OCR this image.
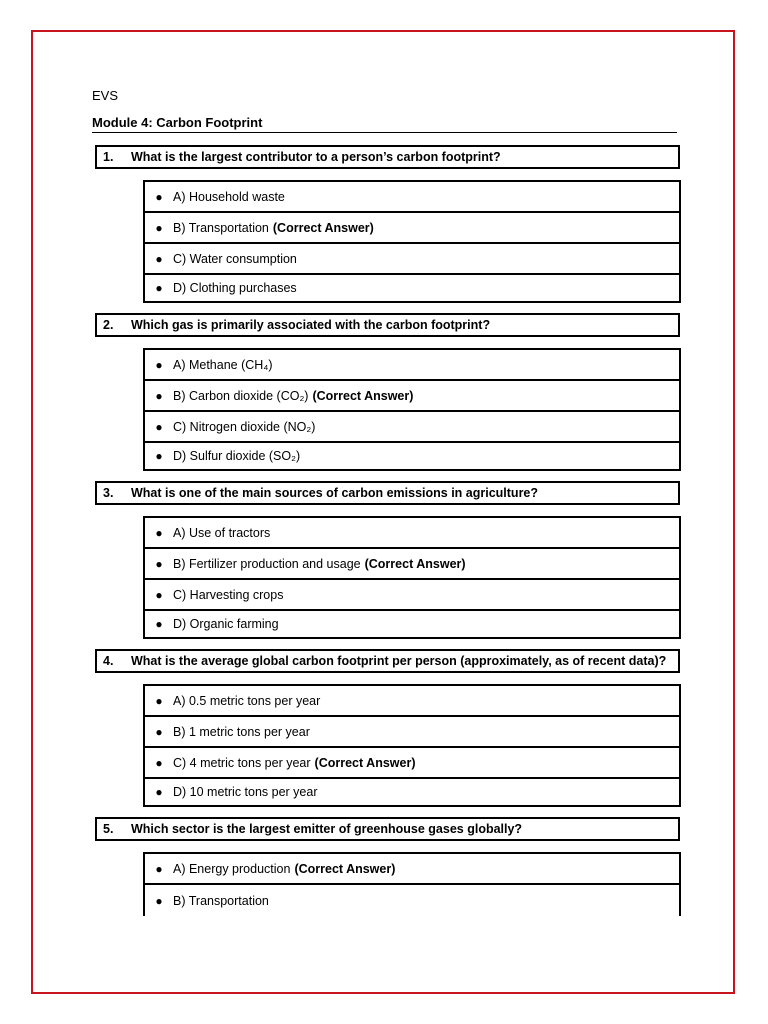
EVS
Module 4: Carbon Footprint
1.	What is the largest contributor to a person’s carbon footprint?
● A) Household waste
● B) Transportation (Correct Answer)
● C) Water consumption
● D) Clothing purchases
2.	Which gas is primarily associated with the carbon footprint?
● A) Methane (CH₄)
● B) Carbon dioxide (CO₂) (Correct Answer)
● C) Nitrogen dioxide (NO₂)
● D) Sulfur dioxide (SO₂)
3.	What is one of the main sources of carbon emissions in agriculture?
● A) Use of tractors
● B) Fertilizer production and usage (Correct Answer)
● C) Harvesting crops
● D) Organic farming
4.	What is the average global carbon footprint per person (approximately, as of recent data)?
● A) 0.5 metric tons per year
● B) 1 metric tons per year
● C) 4 metric tons per year (Correct Answer)
● D) 10 metric tons per year
5.	Which sector is the largest emitter of greenhouse gases globally?
● A) Energy production (Correct Answer)
● B) Transportation
